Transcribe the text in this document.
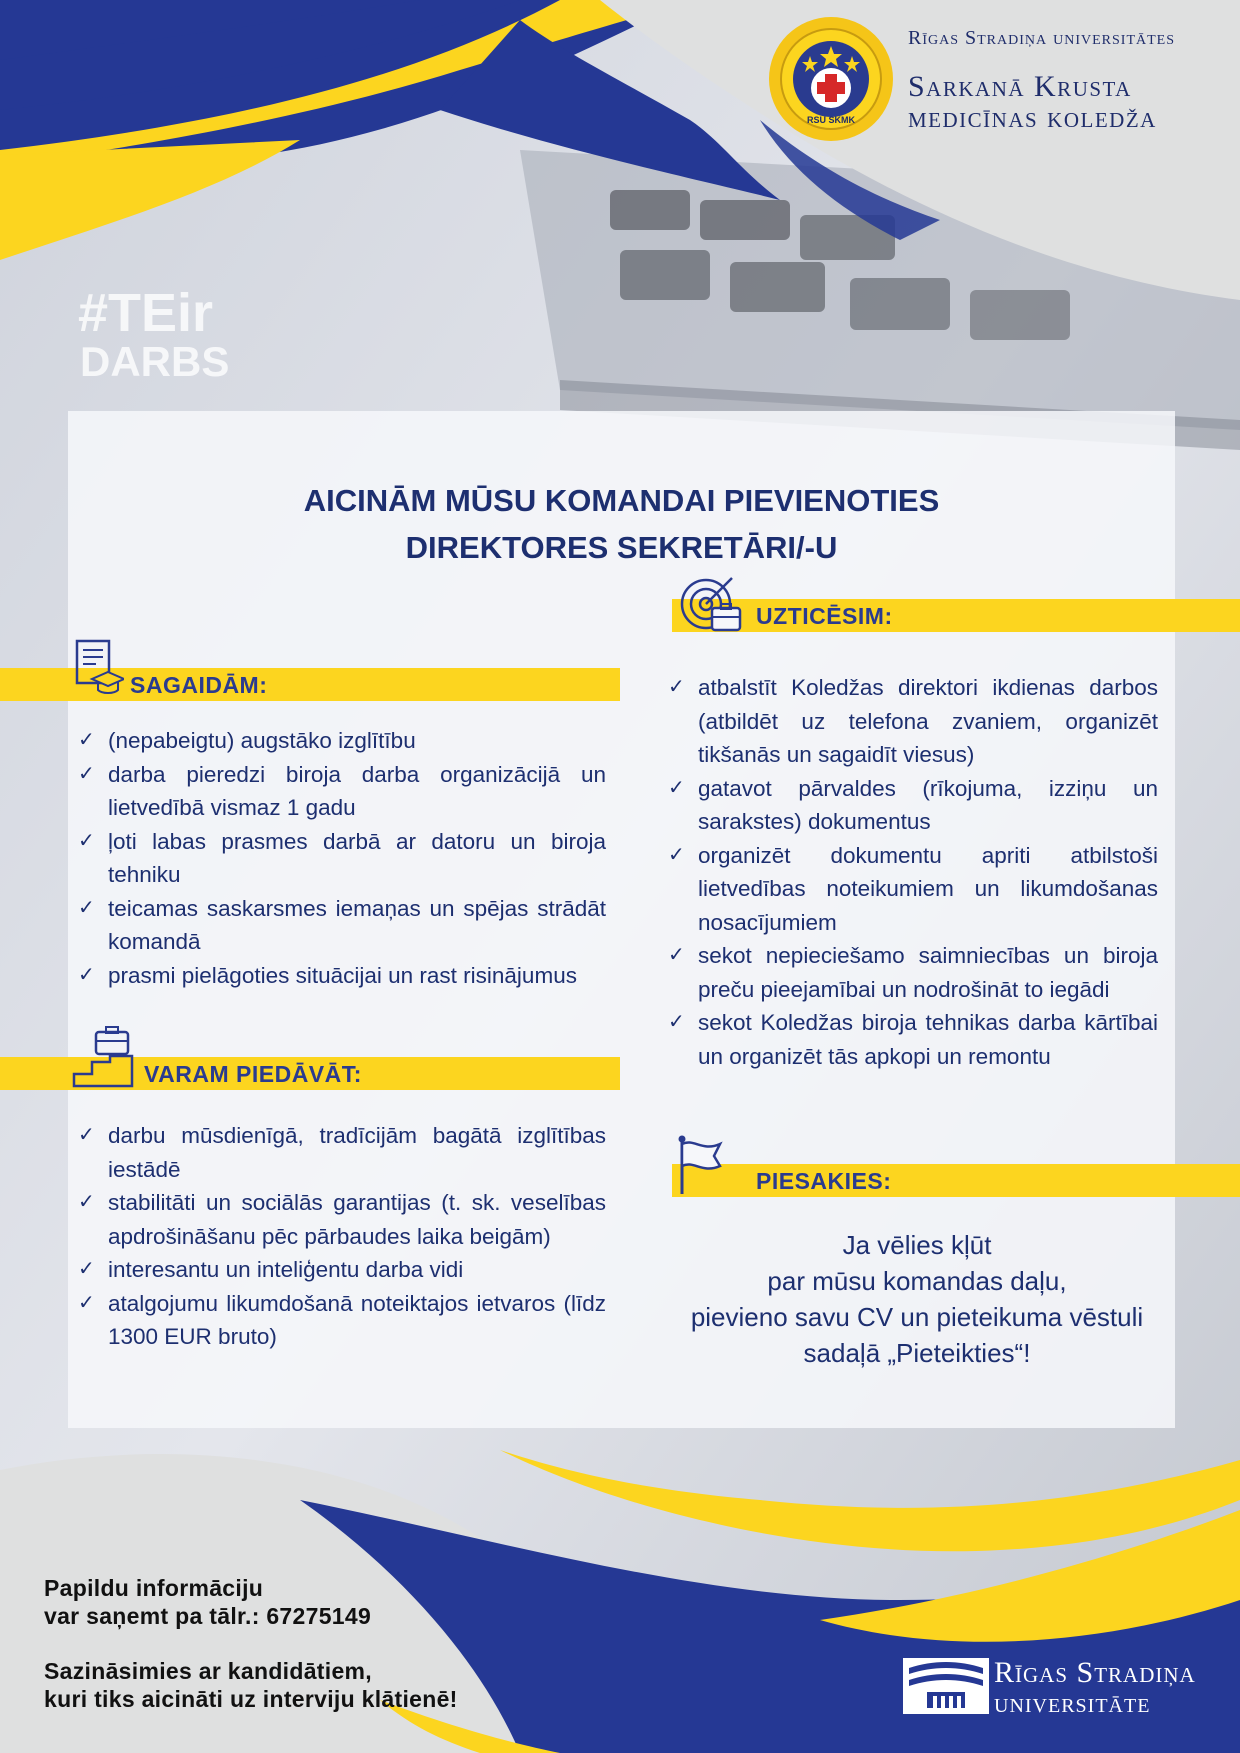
RSU SKMK
Rīgas Stradiņa universitātes
Sarkanā Krusta
medicīnas koledža
#TEir
DARBS
AICINĀM MŪSU KOMANDAI PIEVIENOTIES
DIREKTORES SEKRETĀRI/-U
SAGAIDĀM:
✓ (nepabeigtu) augstāko izglītību
✓ darba pieredzi biroja darba organizācijā un lietvedībā vismaz 1 gadu
✓ ļoti labas prasmes darbā ar datoru un biroja tehniku
✓ teicamas saskarsmes iemaņas un spējas strādāt komandā
✓ prasmi pielāgoties situācijai un rast risinājumus
VARAM PIEDĀVĀT:
✓ darbu mūsdienīgā, tradīcijām bagātā izglītības iestādē
✓ stabilitāti un sociālās garantijas (t. sk. veselības apdrošināšanu pēc pārbaudes laika beigām)
✓ interesantu un inteliģentu darba vidi
✓ atalgojumu likumdošanā noteiktajos ietvaros (līdz 1300 EUR bruto)
UZTICĒSIM:
✓ atbalstīt Koledžas direktori ikdienas darbos (atbildēt uz telefona zvaniem, organizēt tikšanās un sagaidīt viesus)
✓ gatavot pārvaldes (rīkojuma, izziņu un sarakstes) dokumentus
✓ organizēt dokumentu apriti atbilstoši lietvedības noteikumiem un likumdošanas nosacījumiem
✓ sekot nepieciešamo saimniecības un biroja preču pieejamībai un nodrošināt to iegādi
✓ sekot Koledžas biroja tehnikas darba kārtībai un organizēt tās apkopi un remontu
PIESAKIES:
Ja vēlies kļūt
par mūsu komandas daļu,
pievieno savu CV un pieteikuma vēstuli
sadaļā „Pieteikties“!
Papildu informāciju
var saņemt pa tālr.: 67275149
Sazināsimies ar kandidātiem,
kuri tiks aicināti uz interviju klātienē!
Rīgas Stradiņa
universitāte
